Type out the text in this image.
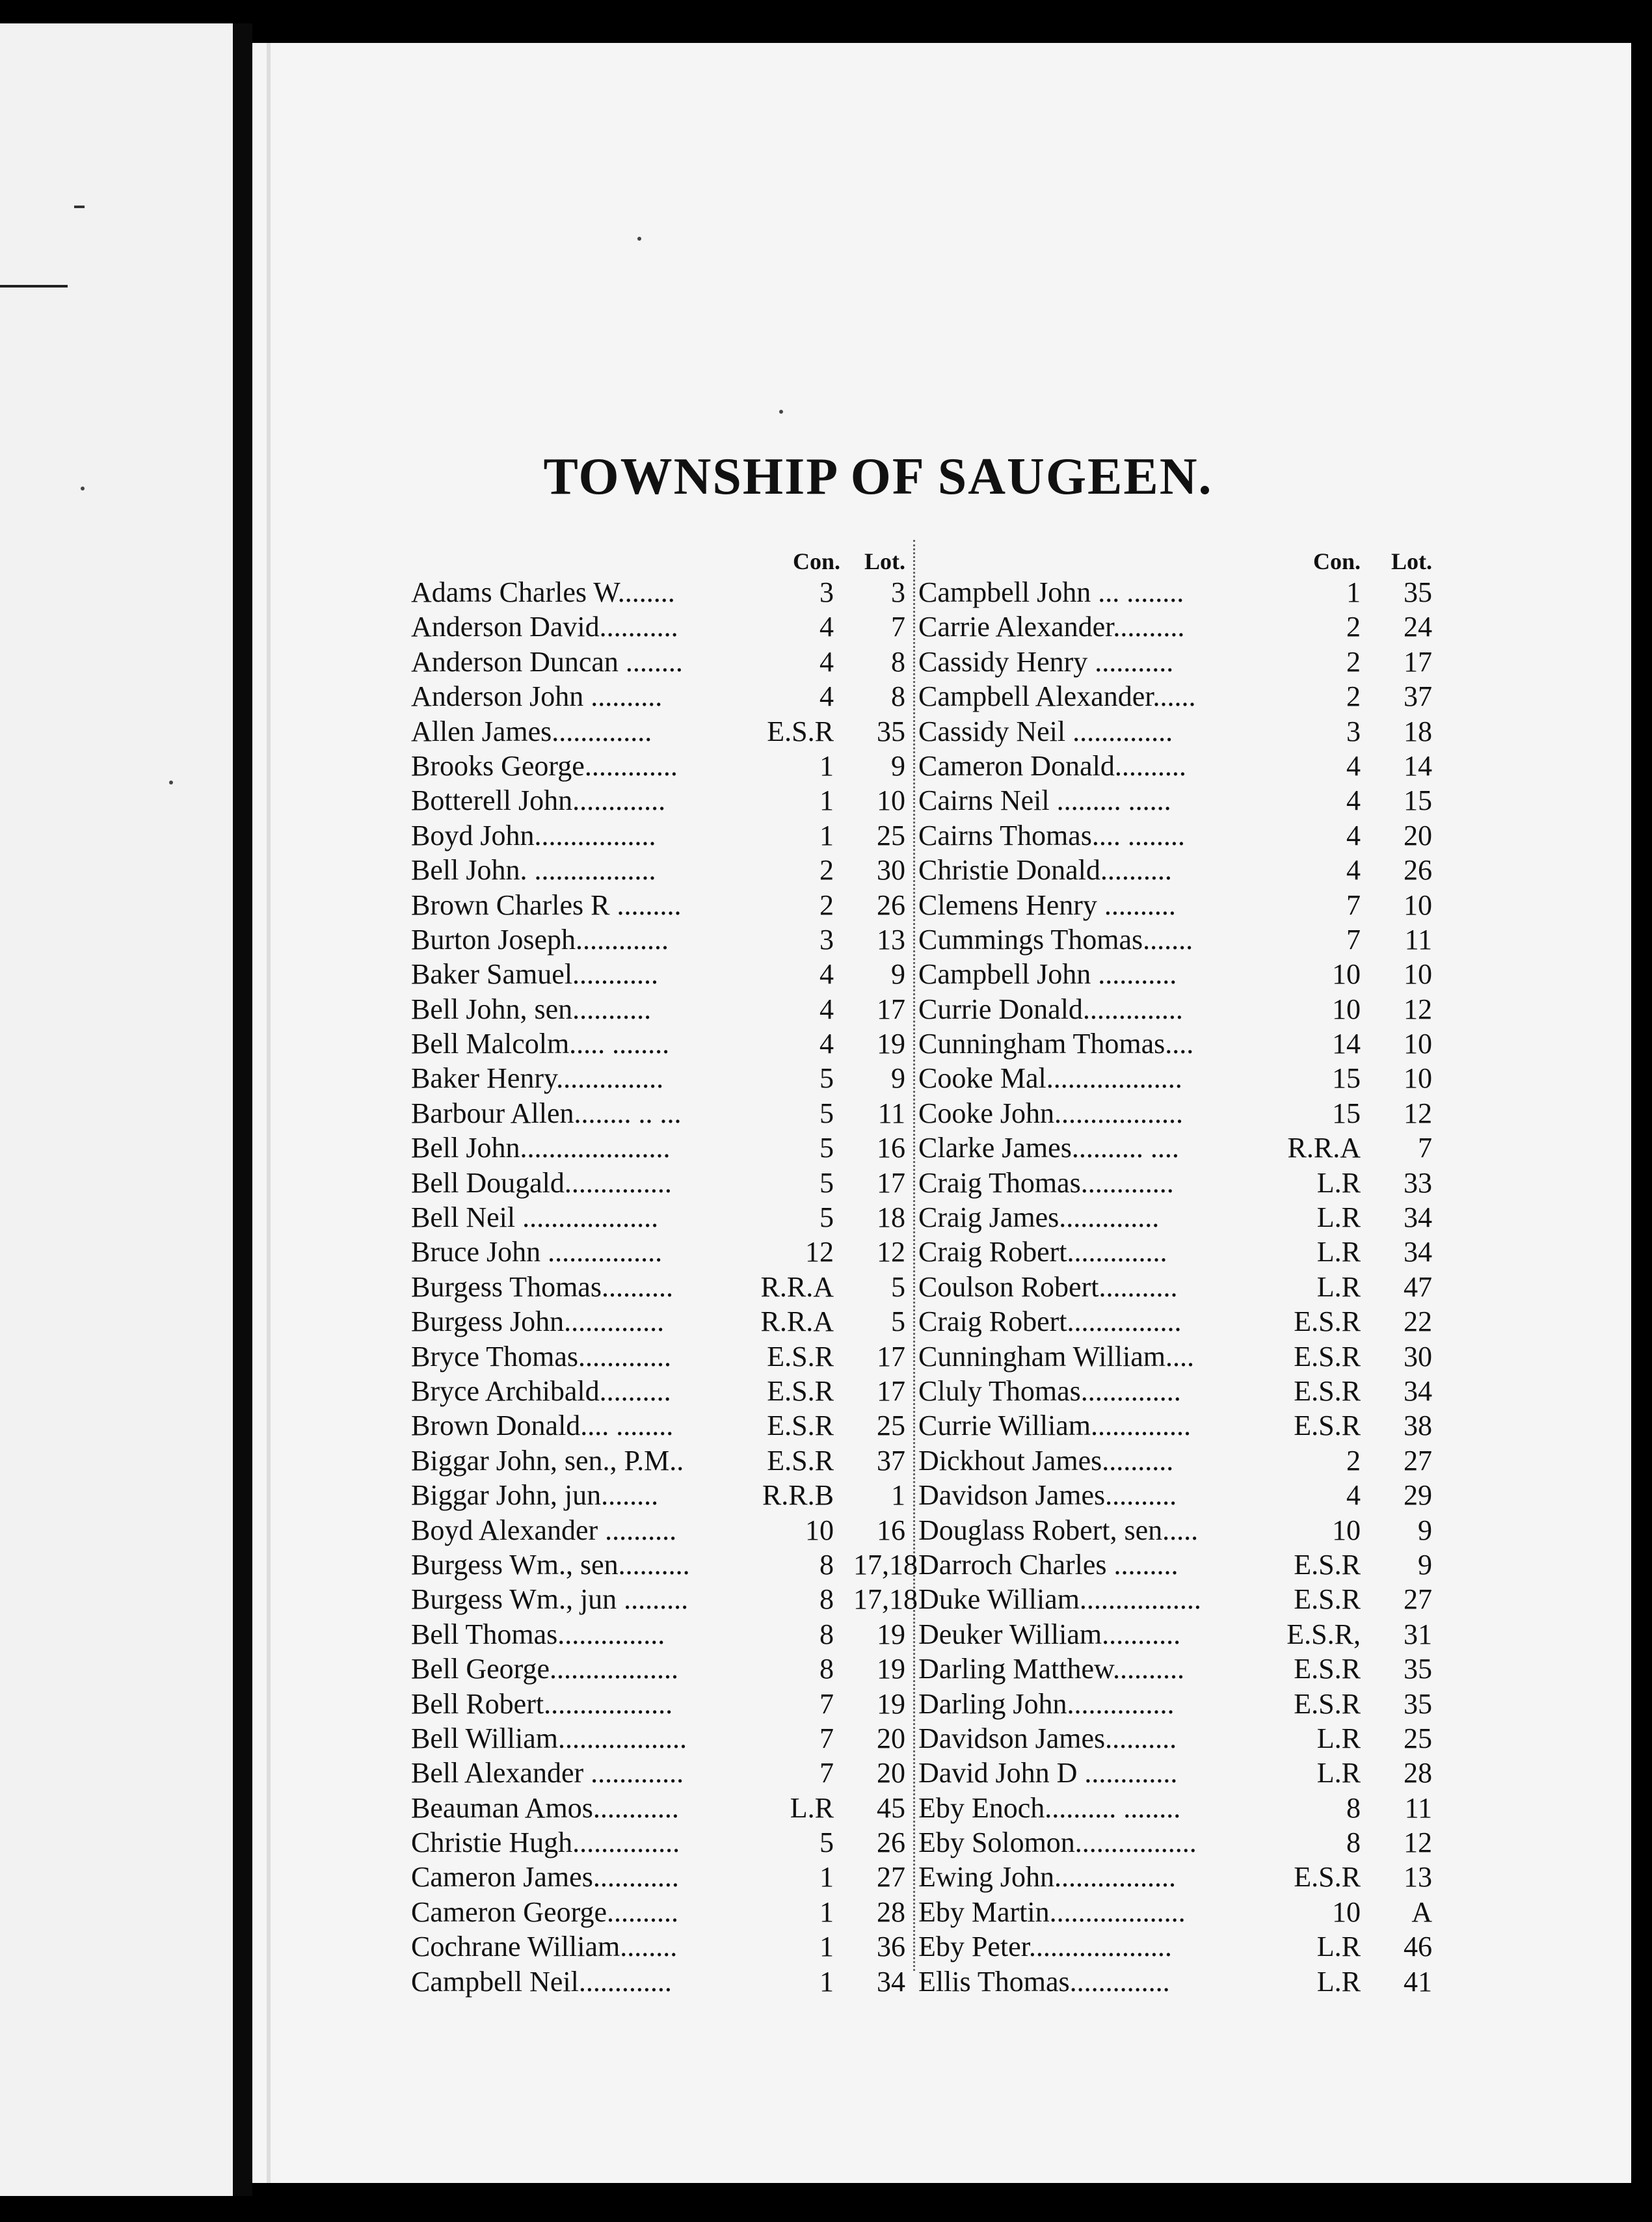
TOWNSHIP OF SAUGEEN.
Con. Lot.
Adams Charles W........	3	3
Anderson David...........	4	7
Anderson Duncan ........	4	8
Anderson John ..........	4	8
Allen James..............	E.S.R	35
Brooks George.............	1	9
Botterell John.............	1	10
Boyd John.................	1	25
Bell John. .................	2	30
Brown Charles R .........	2	26
Burton Joseph.............	3	13
Baker Samuel............	4	9
Bell John, sen...........	4	17
Bell Malcolm..... ........	4	19
Baker Henry...............	5	9
Barbour Allen........ .. ...	5	11
Bell John.....................	5	16
Bell Dougald...............	5	17
Bell Neil ...................	5	18
Bruce John ................	12	12
Burgess Thomas..........	R.R.A	5
Burgess John..............	R.R.A	5
Bryce Thomas.............	E.S.R	17
Bryce Archibald..........	E.S.R	17
Brown Donald.... ........	E.S.R	25
Biggar John, sen., P.M..	E.S.R	37
Biggar John, jun........	R.R.B	1
Boyd Alexander ..........	10	16
Burgess Wm., sen..........	8 17,18
Burgess Wm., jun .........	8 17,18
Bell Thomas...............	8	19
Bell George..................	8	19
Bell Robert..................	7	19
Bell William..................	7	20
Bell Alexander .............	7	20
Beauman Amos............	L.R	45
Christie Hugh...............	5	26
Cameron James............	1	27
Cameron George..........	1	28
Cochrane William........	1	36
Campbell Neil.............	1	34
Con. Lot.
Campbell John ... ........	1	35
Carrie Alexander..........	2	24
Cassidy Henry ...........	2	17
Campbell Alexander......	2	37
Cassidy Neil ..............	3	18
Cameron Donald..........	4	14
Cairns Neil ......... ......	4	15
Cairns Thomas.... ........	4	20
Christie Donald..........	4	26
Clemens Henry ..........	7	10
Cummings Thomas.......	7	11
Campbell John ...........	10	10
Currie Donald..............	10	12
Cunningham Thomas....	14	10
Cooke Mal...................	15	10
Cooke John..................	15	12
Clarke James.......... ....	R.R.A	7
Craig Thomas.............	L.R	33
Craig James..............	L.R	34
Craig Robert..............	L.R	34
Coulson Robert...........	L.R	47
Craig Robert................	E.S.R	22
Cunningham William....	E.S.R	30
Cluly Thomas..............	E.S.R	34
Currie William..............	E.S.R	38
Dickhout James..........	2	27
Davidson James..........	4	29
Douglass Robert, sen.....	10	9
Darroch Charles .........	E.S.R	9
Duke William.................	E.S.R	27
Deuker William...........	E.S.R,	31
Darling Matthew..........	E.S.R	35
Darling John...............	E.S.R	35
Davidson James..........	L.R	25
David John D .............	L.R	28
Eby Enoch.......... ........	8	11
Eby Solomon.................	8	12
Ewing John.................	E.S.R	13
Eby Martin...................	10	A
Eby Peter....................	L.R	46
Ellis Thomas..............	L.R	41
